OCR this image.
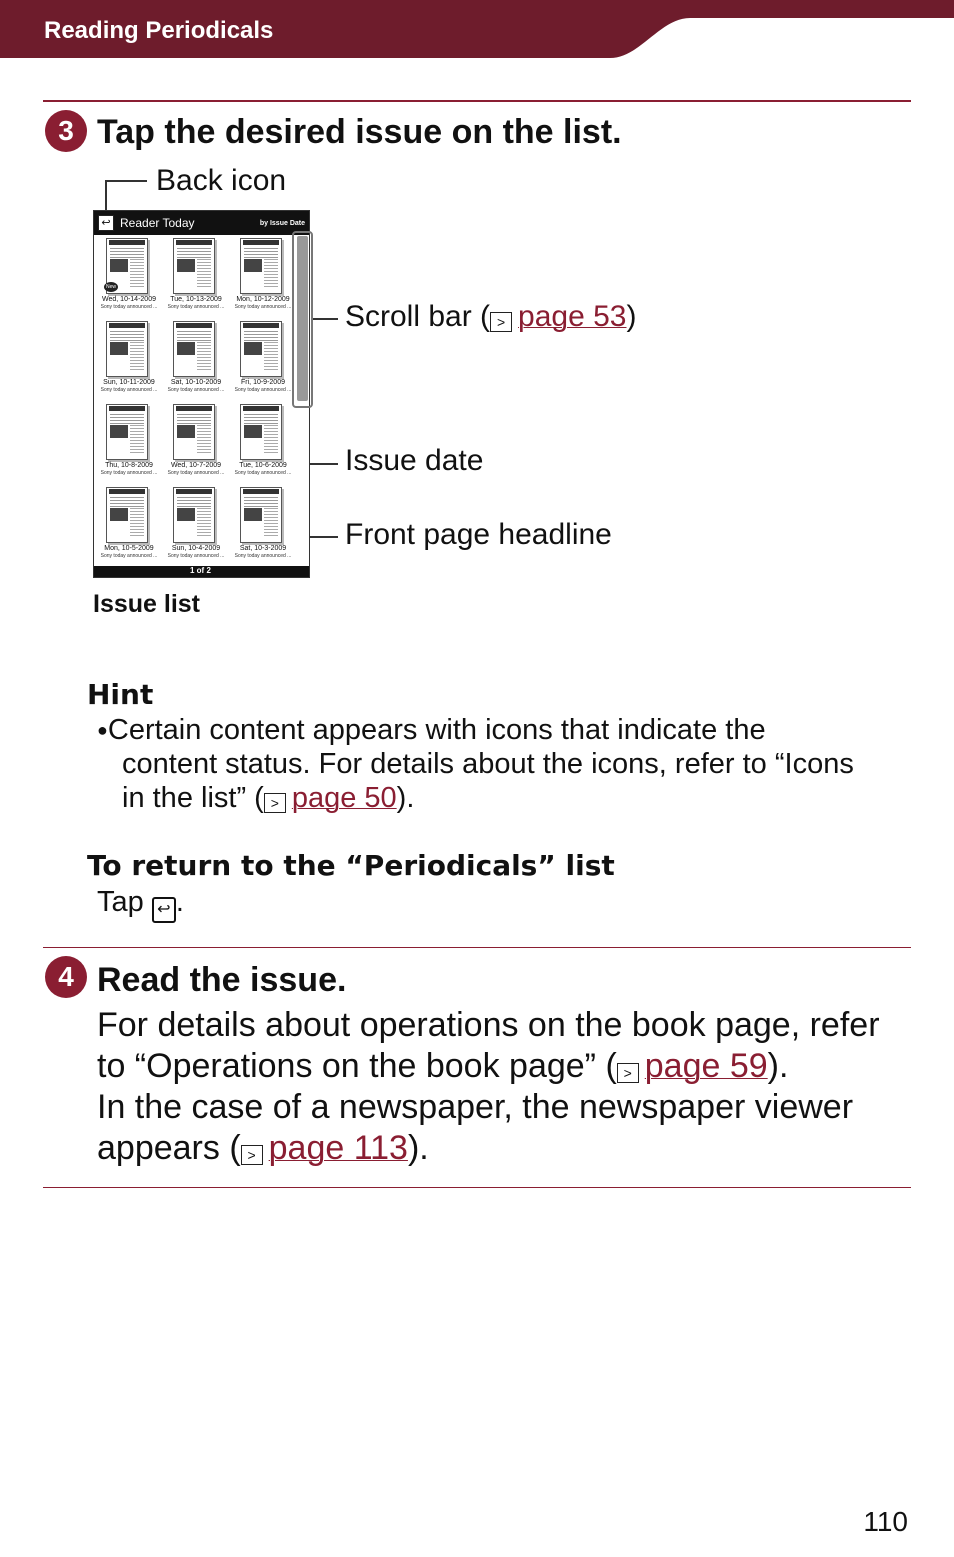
Reading Periodicals
3 Tap the desired issue on the list.
Back icon
Scroll bar ( > page 53)
Issue date
Front page headline
↩ Reader Today	by Issue Date
Wed, 10-14-2009
Sony today announced ...
New
Tue, 10-13-2009
Sony today announced ...
Mon, 10-12-2009
Sony today announced ...
Sun, 10-11-2009
Sony today announced ...
Sat, 10-10-2009
Sony today announced ...
Fri, 10-9-2009
Sony today announced ...
Thu, 10-8-2009
Sony today announced ...
Wed, 10-7-2009
Sony today announced ...
Tue, 10-6-2009
Sony today announced ...
Mon, 10-5-2009
Sony today announced ...
Sun, 10-4-2009
Sony today announced ...
Sat, 10-3-2009
Sony today announced ...
1 of 2
Issue list
Hint
●Certain content appears with icons that indicate the
content status. For details about the icons, refer to “Icons
in the list” ( > page 50).
To return to the “Periodicals” list
Tap ↩ .
4 Read the issue.
For details about operations on the book page, refer
to “Operations on the book page” ( > page 59).
In the case of a newspaper, the newspaper viewer
appears ( > page 113).
110
